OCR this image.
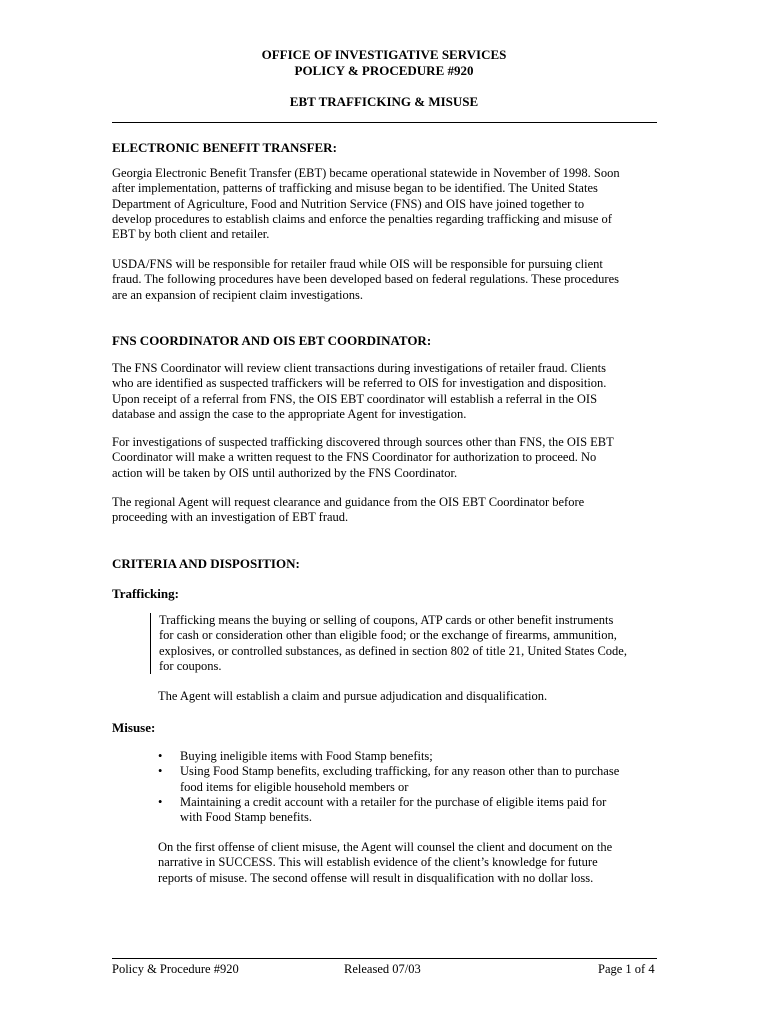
OFFICE OF INVESTIGATIVE SERVICES
POLICY & PROCEDURE #920
EBT TRAFFICKING & MISUSE
ELECTRONIC BENEFIT TRANSFER:
Georgia Electronic Benefit Transfer (EBT) became operational statewide in November of 1998. Soon after implementation, patterns of trafficking and misuse began to be identified. The United States Department of Agriculture, Food and Nutrition Service (FNS) and OIS have joined together to develop procedures to establish claims and enforce the penalties regarding trafficking and misuse of EBT by both client and retailer.
USDA/FNS will be responsible for retailer fraud while OIS will be responsible for pursuing client fraud. The following procedures have been developed based on federal regulations. These procedures are an expansion of recipient claim investigations.
FNS COORDINATOR AND OIS EBT COORDINATOR:
The FNS Coordinator will review client transactions during investigations of retailer fraud. Clients who are identified as suspected traffickers will be referred to OIS for investigation and disposition. Upon receipt of a referral from FNS, the OIS EBT coordinator will establish a referral in the OIS database and assign the case to the appropriate Agent for investigation.
For investigations of suspected trafficking discovered through sources other than FNS, the OIS EBT Coordinator will make a written request to the FNS Coordinator for authorization to proceed. No action will be taken by OIS until authorized by the FNS Coordinator.
The regional Agent will request clearance and guidance from the OIS EBT Coordinator before proceeding with an investigation of EBT fraud.
CRITERIA AND DISPOSITION:
Trafficking:
Trafficking means the buying or selling of coupons, ATP cards or other benefit instruments for cash or consideration other than eligible food; or the exchange of firearms, ammunition, explosives, or controlled substances, as defined in section 802 of title 21, United States Code, for coupons.
The Agent will establish a claim and pursue adjudication and disqualification.
Misuse:
• Buying ineligible items with Food Stamp benefits;
• Using Food Stamp benefits, excluding trafficking, for any reason other than to purchase food items for eligible household members or
• Maintaining a credit account with a retailer for the purchase of eligible items paid for with Food Stamp benefits.
On the first offense of client misuse, the Agent will counsel the client and document on the narrative in SUCCESS. This will establish evidence of the client’s knowledge for future reports of misuse. The second offense will result in disqualification with no dollar loss.
Policy & Procedure #920	Released 07/03	Page 1 of 4
